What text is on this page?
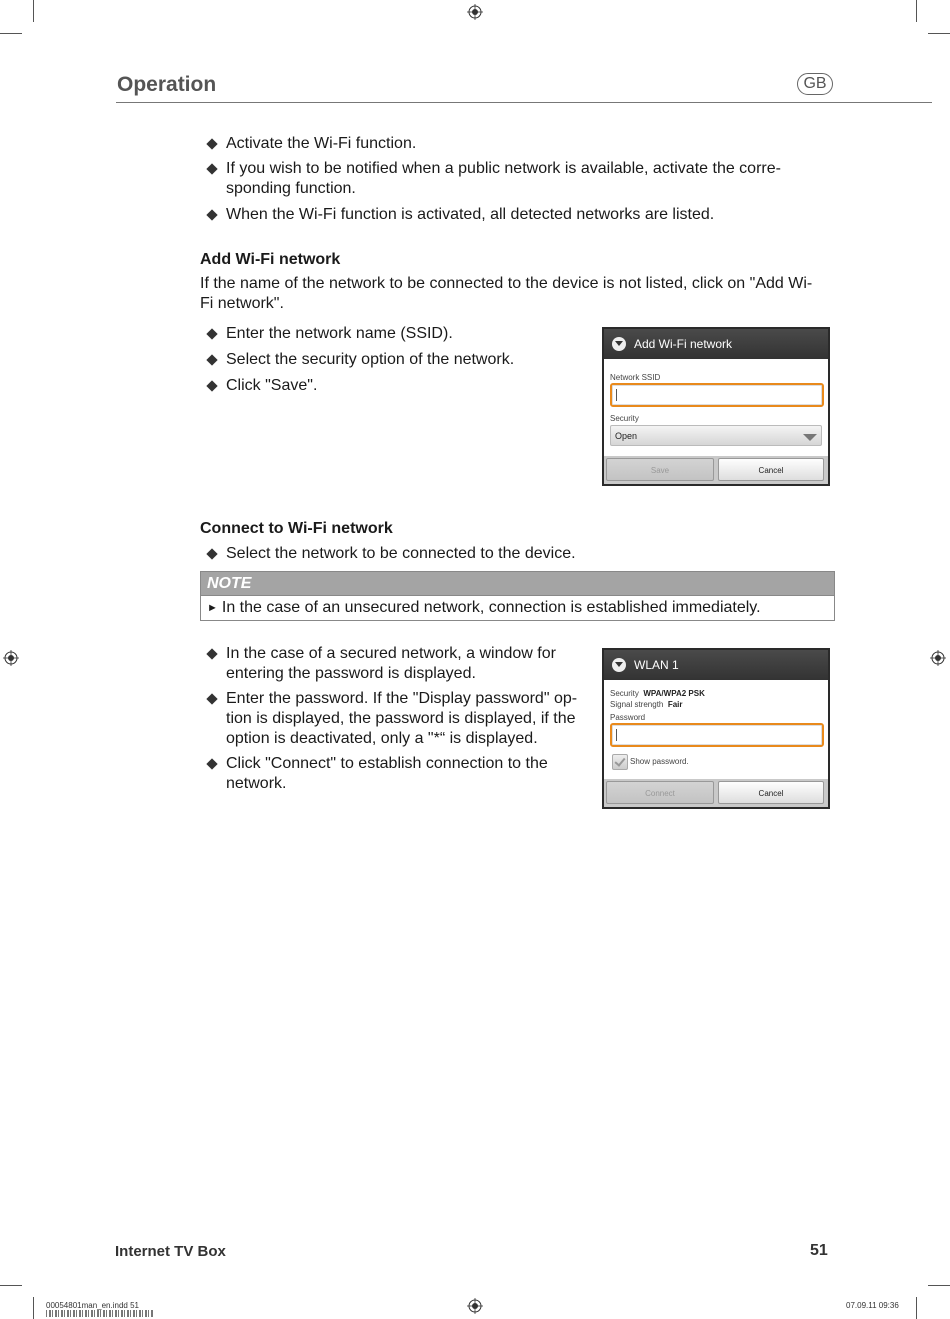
Operation	GB
Activate the Wi-Fi function.
If you wish to be notified when a public network is available, activate the corre-
sponding function.
When the Wi-Fi function is activated, all detected networks are listed.
Add Wi-Fi network
If the name of the network to be connected to the device is not listed, click on "Add Wi-
Fi network".
Enter the network name (SSID).
Select the security option of the network.
Click "Save".
Add Wi-Fi network
Network SSID
Security
Open
Save	Cancel
Connect to Wi-Fi network
Select the network to be connected to the device.
NOTE
► In the case of an unsecured network, connection is established immediately.
In the case of a secured network, a window for
entering the password is displayed.
Enter the password. If the "Display password" op-
tion is displayed, the password is displayed, if the
option is deactivated, only a "*“ is displayed.
Click "Connect" to establish connection to the
network.
WLAN 1
Security WPA/WPA2 PSK
Signal strength Fair
Password
Show password.
Connect	Cancel
Internet TV Box	51
00054801man_en.indd 51	07.09.11 09:36
